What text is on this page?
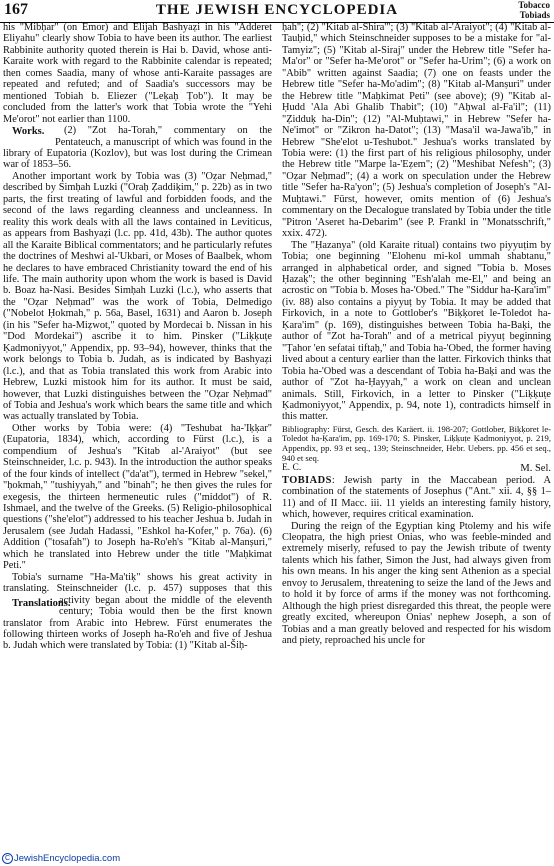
167	THE JEWISH ENCYCLOPEDIA	Tobacco
Tobiads

his "Mibḥar" (on Emor) and Elijah Bashyaẓi in his "Adderet Eliyahu" clearly show Tobia to have been its author. The earliest Rabbinite authority quoted therein is Hai b. David, whose anti-Karaite work with regard to the Rabbinite calendar is repeated; then comes Saadia, many of whose anti-Karaite passages are repeated and refuted; and of Saadia's successors may be mentioned Tobiah b. Eliezer ("Leḳaḥ Ṭob"). It may be concluded from the latter's work that Tobia wrote the "Yehi Me'orot" not earlier than 1100.

Works.	(2) "Zot ha-Torah," commentary on the Pentateuch, a manuscript of which was found in the library of Eupatoria (Kozlov), but was lost during the Crimean war of 1853–56.

Another important work by Tobia was (3) "Oẓar Neḥmad," described by Simḥah Luzki ("Oraḥ Ẓaddiḳim," p. 22b) as in two parts, the first treating of lawful and forbidden foods, and the second of the laws regarding cleanness and uncleanness. In reality this work deals with all the laws contained in Leviticus, as appears from Bashyaẓi (l.c. pp. 41d, 43b). The author quotes all the Karaite Biblical commentators; and he particularly refutes the doctrines of Meshwi al-'Ukbari, or Moses of Baalbek, whom he declares to have embraced Christianity toward the end of his life. The main authority upon whom the work is based is David b. Boaz ha-Nasi. Besides Simḥah Luzki (l.c.), who asserts that the "Oẓar Neḥmad" was the work of Tobia, Delmedigo ("Nobelot Ḥokmah," p. 56a, Basel, 1631) and Aaron b. Joseph (in his "Sefer ha-Miẓwot," quoted by Mordecai b. Nissan in his "Dod Mordekai") ascribe it to him. Pinsker ("Liḳḳuṭe Ḳadmoniyyot," Appendix, pp. 93–94), however, thinks that the work belongs to Tobia b. Judah, as is indicated by Bashyaẓi (l.c.), and that as Tobia translated this work from Arabic into Hebrew, Luzki mistook him for its author. It must be said, however, that Luzki distinguishes between the "Oẓar Neḥmad" of Tobia and Jeshua's work which bears the same title and which was actually translated by Tobia.

Other works by Tobia were: (4) "Teshubat ha-'Iḳḳar" (Eupatoria, 1834), which, according to Fürst (l.c.), is a compendium of Jeshua's "Kitab al-'Araiyot" (but see Steinschneider, l.c. p. 943). In the introduction the author speaks of the four kinds of intellect ("da'at"), termed in Hebrew "sekel," "ḥokmah," "tushiyyah," and "binah"; he then gives the rules for exegesis, the thirteen hermeneutic rules ("middot") of R. Ishmael, and the twelve of the Greeks. (5) Religio-philosophical questions ("she'elot") addressed to his teacher Jeshua b. Judah in Jerusalem (see Judah Hadassi, "Eshkol ha-Kofer," p. 76a). (6) Addition ("tosafah") to Joseph ha-Ro'eh's "Kitab al-Manṣuri," which he translated into Hebrew under the title "Maḥkimat Peti."

Tobia's surname "Ha-Ma'tiḳ" shows his great activity in translating. Steinschneider (l.c. p. 457) supposes that this activity began about the middle
Translations.	of the eleventh century; Tobia would then be the first known translator from Arabic into Hebrew. Fürst enumerates the following thirteen works of Joseph ha-Ro'eh and five of Jeshua b. Judah which were translated by Tobia: (1) "Kitab al-Šiḥ-

ḥah"; (2) "Kitab al-Shira'"; (3) "Kitab al-'Araiyot"; (4) "Kitab al-Tauḥid," which Steinschneider supposes to be a mistake for "al-Tamyiz"; (5) "Kitab al-Siraj" under the Hebrew title "Sefer ha-Ma'or" or "Sefer ha-Me'orot" or "Sefer ha-Urim"; (6) a work on "Abib" written against Saadia; (7) one on feasts under the Hebrew title "Sefer ha-Mo'adim"; (8) "Kitab al-Manṣuri" under the Hebrew title "Maḥkimat Peti" (see above); (9) "Kitab al-Ḥudd 'Ala Abi Ghalib Thabit"; (10) "Aḥwal al-Fa'il"; (11) "Ẓidduḳ ha-Din"; (12) "Al-Muḥtawi," in Hebrew "Sefer ha-Ne'imot" or "Zikron ha-Datot"; (13) "Masa'il wa-Jawa'ib," in Hebrew "She'elot u-Teshubot." Jeshua's works translated by Tobia were: (1) the first part of his religious philosophy, under the Hebrew title "Marpe la-'Eẓem"; (2) "Meshibat Nefesh"; (3) "Oẓar Neḥmad"; (4) a work on speculation under the Hebrew title "Sefer ha-Ra'yon"; (5) Jeshua's completion of Joseph's "Al-Muḥtawi." Fürst, however, omits mention of (6) Jeshua's commentary on the Decalogue translated by Tobia under the title "Pitron 'Aseret ha-Debarim" (see P. Frankl in "Monatsschrift," xxix. 472).

The "Ḥazanya" (old Karaite ritual) contains two piyyuṭim by Tobia; one beginning "Elohenu mi-kol ummah shabtanu," arranged in alphabetical order, and signed "Tobia b. Moses Ḥazaḳ"; the other beginning "Esh'alah me-El," and being an acrostic on "Tobia b. Moses ha-'Obed." The "Siddur ha-Ḳara'im" (iv. 88) also contains a piyyuṭ by Tobia. It may be added that Firkovich, in a note to Gottlober's "Biḳḳoret le-Toledot ha-Ḳara'im" (p. 169), distinguishes between Tobia ha-Baḳi, the author of "Zot ha-Torah" and of a metrical piyyuṭ beginning "Ṭahor 'en sefatai tiftaḥ," and Tobia ha-'Obed, the former having lived about a century earlier than the latter. Firkovich thinks that Tobia ha-'Obed was a descendant of Tobia ha-Baḳi and was the author of "Zot ha-Ḥayyah," a work on clean and unclean animals. Still, Firkovich, in a letter to Pinsker ("Liḳḳuṭe Ḳadmoniyyot," Appendix, p. 94, note 1), contradicts himself in this matter.

Bibliography: Fürst, Gesch. des Karäert. ii. 198-207; Gottlober, Biḳḳoret le-Toledot ha-Ḳara'im, pp. 169-170; S. Pinsker, Liḳḳuṭe Ḳadmoniyyot, p. 219, Appendix, pp. 93 et seq., 139; Steinschneider, Hebr. Uebers. pp. 456 et seq., 940 et seq.
E. C.	M. Sel.

TOBIADS: Jewish party in the Maccabean period. A combination of the statements of Josephus ("Ant." xii. 4, §§ 1–11) and of II Macc. iii. 11 yields an interesting family history, which, however, requires critical examination.

During the reign of the Egyptian king Ptolemy and his wife Cleopatra, the high priest Onias, who was feeble-minded and extremely miserly, refused to pay the Jewish tribute of twenty talents which his father, Simon the Just, had always given from his own means. In his anger the king sent Athenion as a special envoy to Jerusalem, threatening to seize the land of the Jews and to hold it by force of arms if the money was not forthcoming. Although the high priest disregarded this threat, the people were greatly excited, whereupon Onias' nephew Joseph, a son of Tobias and a man greatly beloved and respected for his wisdom and piety, reproached his uncle for

C JewishEncyclopedia.com
